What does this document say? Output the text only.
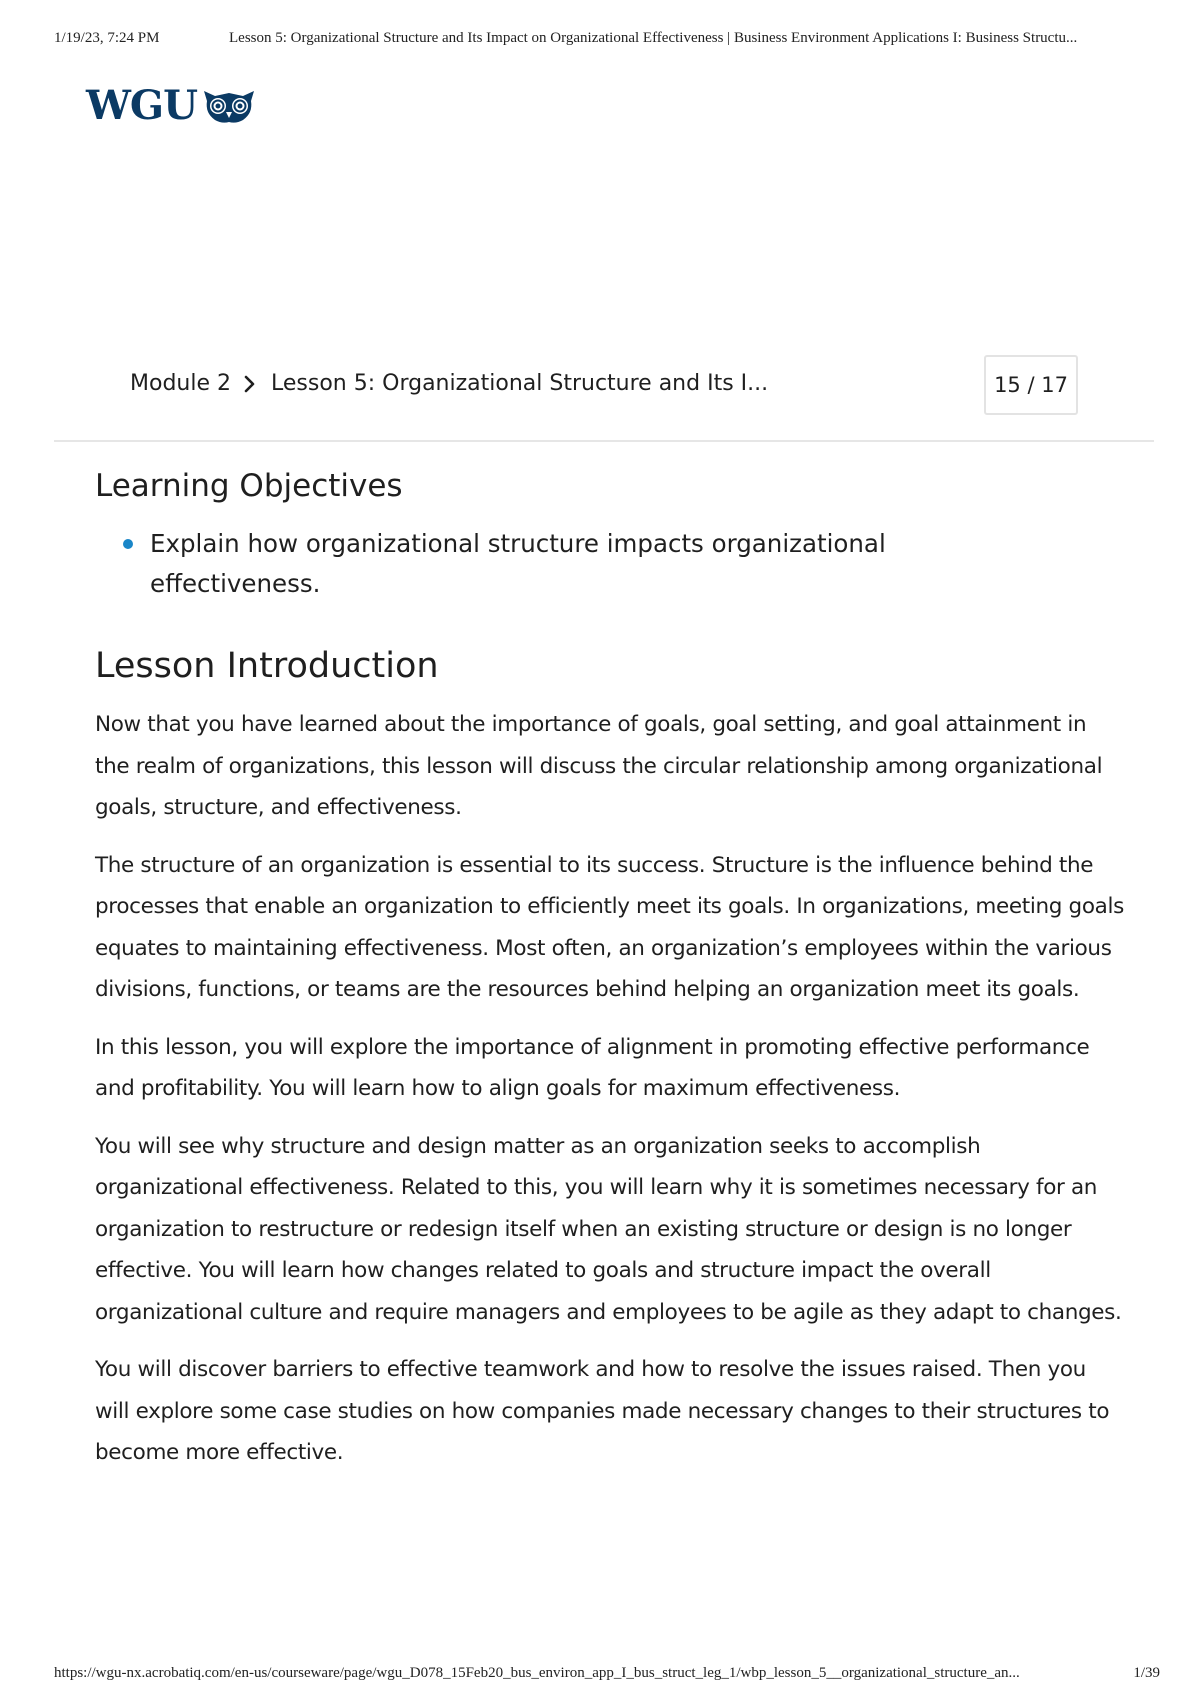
1/19/23, 7:24 PM	Lesson 5: Organizational Structure and Its Impact on Organizational Effectiveness | Business Environment Applications I: Business Structu...
WGU
Module 2 Lesson 5: Organizational Structure and Its I...	15 / 17
Learning Objectives
Explain how organizational structure impacts organizational effectiveness.
Lesson Introduction

Now that you have learned about the importance of goals, goal setting, and goal attainment in the realm of organizations, this lesson will discuss the circular relationship among organizational goals, structure, and effectiveness.

The structure of an organization is essential to its success. Structure is the influence behind the processes that enable an organization to efficiently meet its goals. In organizations, meeting goals equates to maintaining effectiveness. Most often, an organization’s employees within the various divisions, functions, or teams are the resources behind helping an organization meet its goals.

In this lesson, you will explore the importance of alignment in promoting effective performance and profitability. You will learn how to align goals for maximum effectiveness.

You will see why structure and design matter as an organization seeks to accomplish organizational effectiveness. Related to this, you will learn why it is sometimes necessary for an organization to restructure or redesign itself when an existing structure or design is no longer effective. You will learn how changes related to goals and structure impact the overall organizational culture and require managers and employees to be agile as they adapt to changes.

You will discover barriers to effective teamwork and how to resolve the issues raised. Then you will explore some case studies on how companies made necessary changes to their structures to become more effective.

https://wgu-nx.acrobatiq.com/en-us/courseware/page/wgu_D078_15Feb20_bus_environ_app_I_bus_struct_leg_1/wbp_lesson_5__organizational_structure_an...	1/39
